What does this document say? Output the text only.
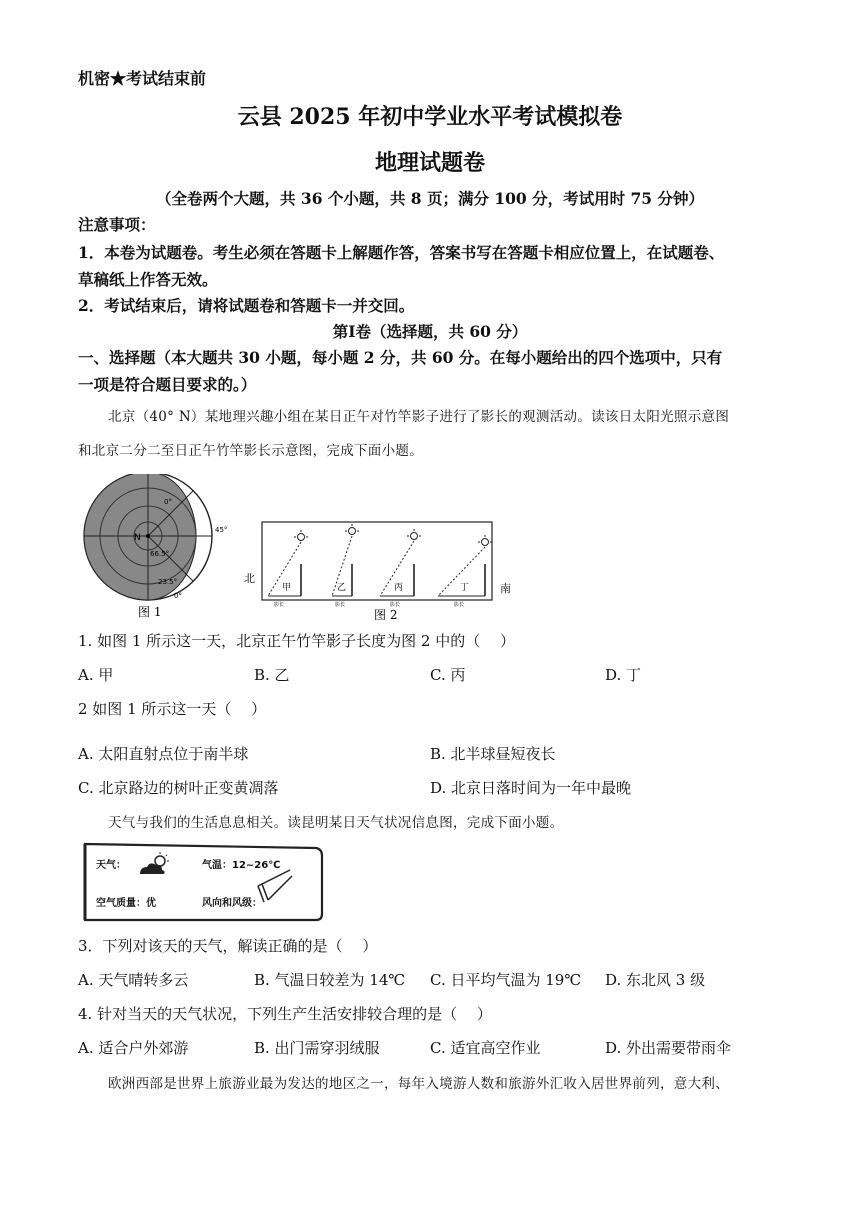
机密★考试结束前
云县 2025 年初中学业水平考试模拟卷
地理试题卷
（全卷两个大题，共 36 个小题，共 8 页；满分 100 分，考试用时 75 分钟）
注意事项：
1．本卷为试题卷。考生必须在答题卡上解题作答，答案书写在答题卡相应位置上，在试题卷、
草稿纸上作答无效。
2．考试结束后，请将试题卷和答题卡一并交回。
第Ⅰ卷（选择题，共 60 分）
一、选择题（本大题共 30 小题，每小题 2 分，共 60 分。在每小题给出的四个选项中，只有
一项是符合题目要求的。）
北京（40° N）某地理兴趣小组在某日正午对竹竿影子进行了影长的观测活动。读该日太阳光照示意图
和北京二分二至日正午竹竿影长示意图，完成下面小题。
N
0°
45°
66.5°
23.5°
0°
图 1
北
南
甲
影长
乙
影长
丙
影长
丁
影长
图 2
1. 如图 1 所示这一天，北京正午竹竿影子长度为图 2 中的（　 ）
A. 甲	B. 乙	C. 丙	D. 丁
2 如图 1 所示这一天（　 ）
A. 太阳直射点位于南半球	B. 北半球昼短夜长
C. 北京路边的树叶正变黄凋落	D. 北京日落时间为一年中最晚
天气与我们的生活息息相关。读昆明某日天气状况信息图，完成下面小题。
天气：	气温：12~26℃
空气质量：优	风向和风级：
3．下列对该天的天气，解读正确的是（　 ）
A. 天气晴转多云	B. 气温日较差为 14℃ C. 日平均气温为 19℃ D. 东北风 3 级
4. 针对当天的天气状况，下列生产生活安排较合理的是（　 ）
A. 适合户外郊游	B. 出门需穿羽绒服	C. 适宜高空作业	D. 外出需要带雨伞
欧洲西部是世界上旅游业最为发达的地区之一，每年入境游人数和旅游外汇收入居世界前列，意大利、
